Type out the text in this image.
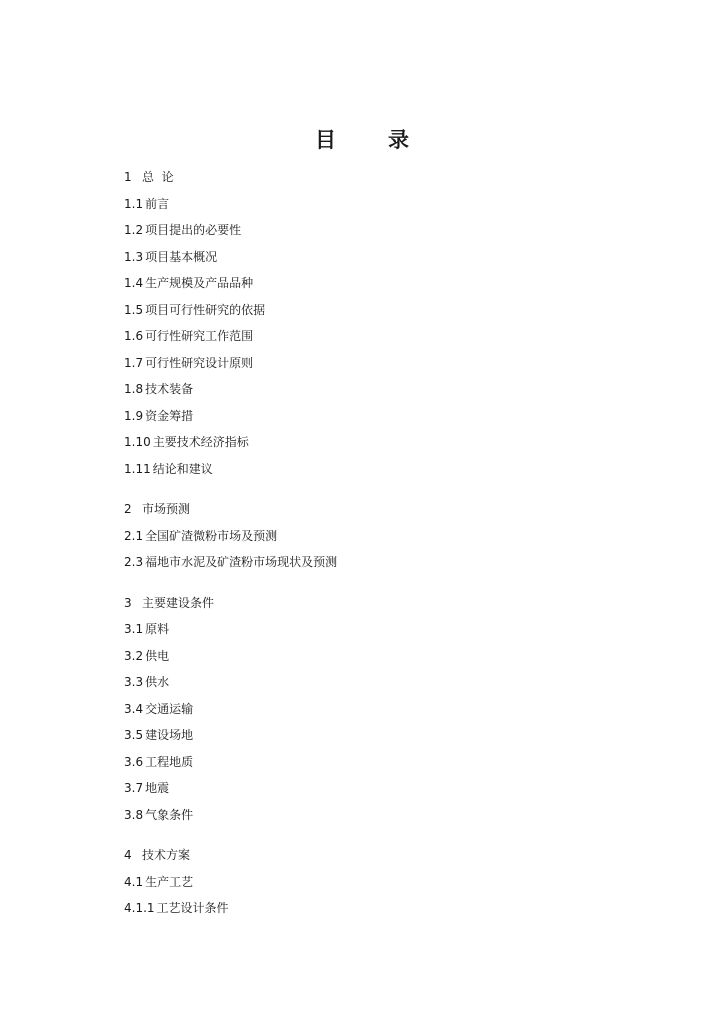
目 录
1 总  论
1.1 前言
1.2 项目提出的必要性
1.3 项目基本概况
1.4 生产规模及产品品种
1.5 项目可行性研究的依据
1.6 可行性研究工作范围
1.7 可行性研究设计原则
1.8 技术装备
1.9 资金筹措
1.10 主要技术经济指标
1.11 结论和建议
2 市场预测
2.1 全国矿渣微粉市场及预测
2.3 福地市水泥及矿渣粉市场现状及预测
3 主要建设条件
3.1 原料
3.2 供电
3.3 供水
3.4 交通运输
3.5 建设场地
3.6 工程地质
3.7 地震
3.8 气象条件
4 技术方案
4.1 生产工艺
4.1.1 工艺设计条件
